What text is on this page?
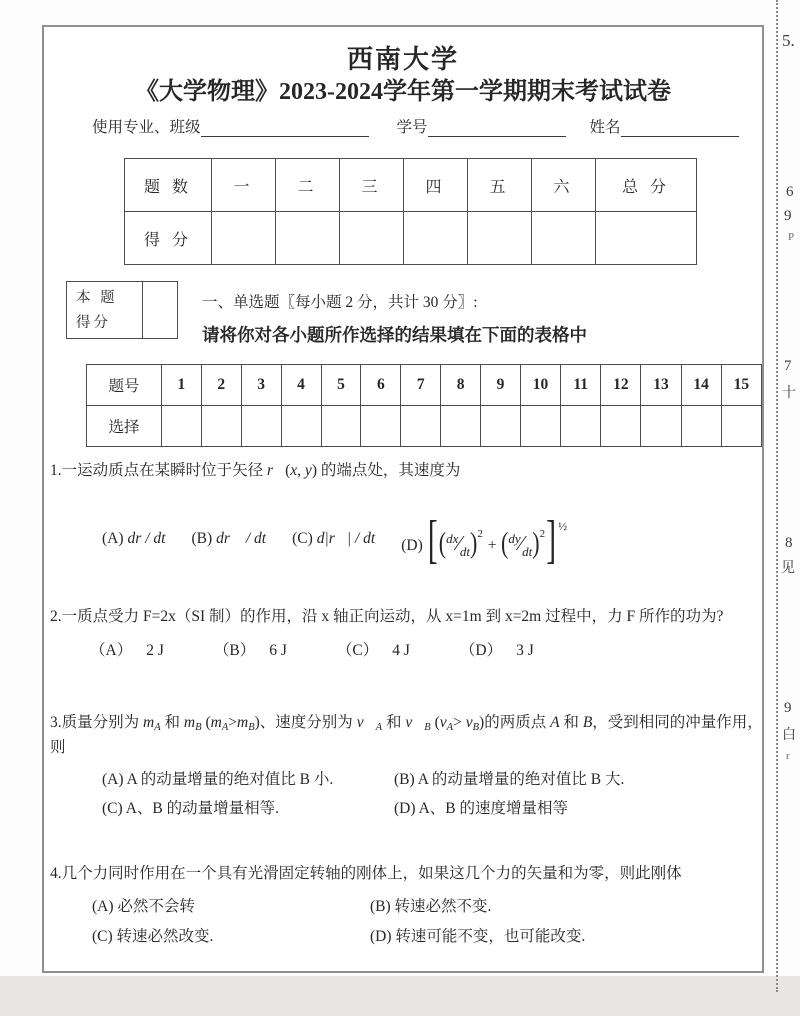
西南大学
《大学物理》2023-2024学年第一学期期末考试试卷
使用专业、班级	学号	姓名
题 数	一	二	三	四	五	六	总 分
得 分							
本 题
得分
一、单选题〖每小题 2 分，共计 30 分〗:
请将你对各小题所作选择的结果填在下面的表格中
题号	1	2	3	4	5	6	7	8	9	10	11	12	13	14	15
选择															
1.一运动质点在某瞬时位于矢径 r⃗(x, y) 的端点处，其速度为
(A) dr / dt (B) dr⃗ / dt (C) d|r⃗| / dt (D) [$(^{dx}⁄_{dt})^2$ + $(^{dy}⁄_{dt})^2$] $^{\frac{1}{2}}$
2.一质点受力 F=2x（SI 制）的作用，沿 x 轴正向运动，从 x=1m 到 x=2m 过程中，力 F 所作的功为?
（A） 2 J	（B） 6 J	（C） 4 J	（D） 3 J
3.质量分别为 mA 和 mB (mA>mB)、速度分别为 v⃗A 和 v⃗B (vA> vB)的两质点 A 和 B，受到相同的冲量作用，则
(A) A 的动量增量的绝对值比 B 小.	(B) A 的动量增量的绝对值比 B 大.
(C) A、B 的动量增量相等.	(D) A、B 的速度增量相等
4.几个力同时作用在一个具有光滑固定转轴的刚体上，如果这几个力的矢量和为零，则此刚体
(A) 必然不会转	(B) 转速必然不变.
(C) 转速必然改变.	(D) 转速可能不变，也可能改变.
5.
6
9
P
7
十
8
见
9
白
r
